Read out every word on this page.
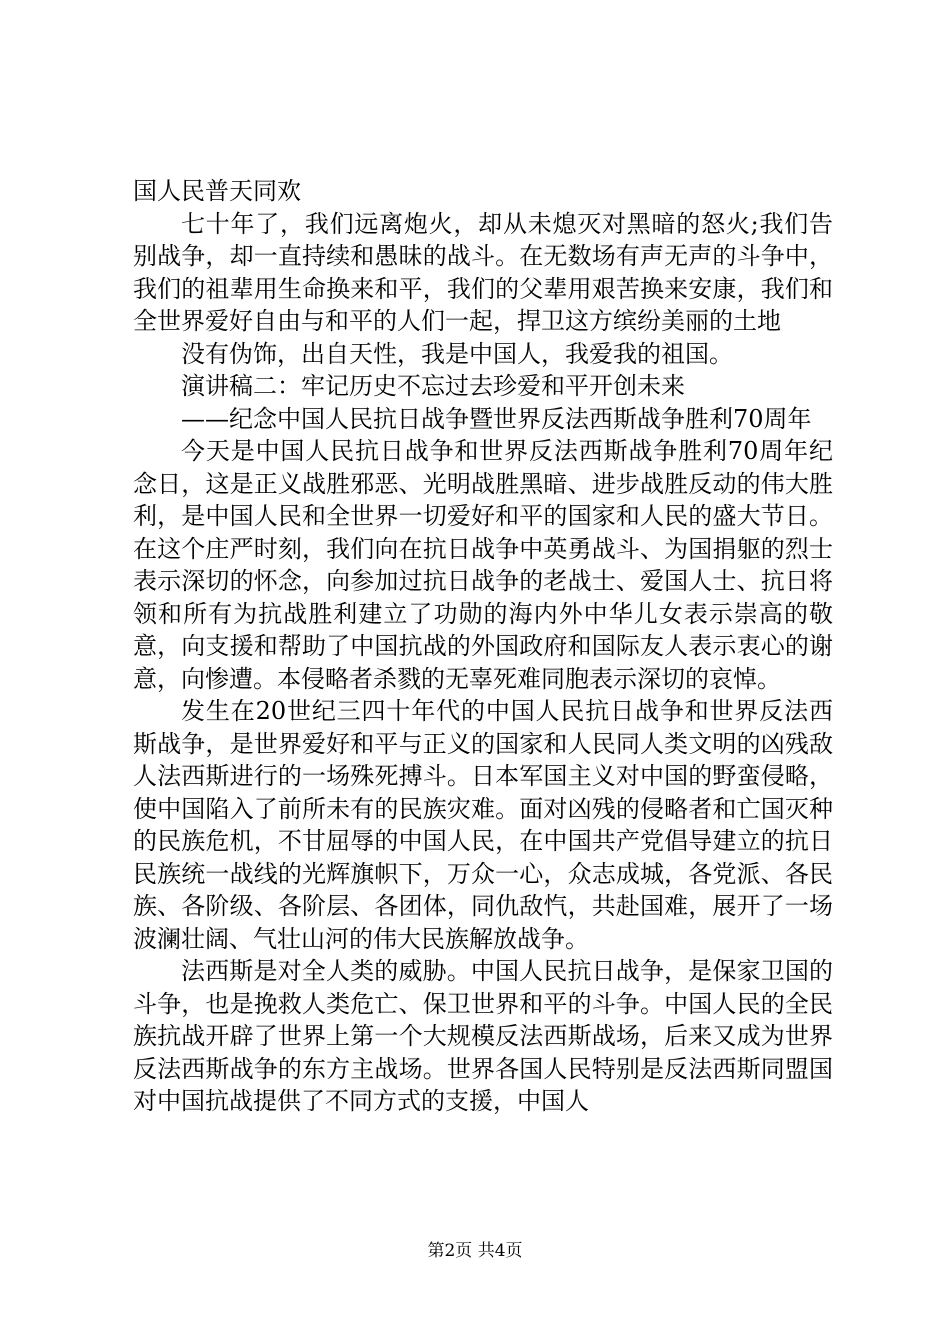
国人民普天同欢

七十年了，我们远离炮火，却从未熄灭对黑暗的怒火;我们告别战争，却一直持续和愚昧的战斗。在无数场有声无声的斗争中，我们的祖辈用生命换来和平，我们的父辈用艰苦换来安康，我们和全世界爱好自由与和平的人们一起，捍卫这方缤纷美丽的土地

没有伪饰，出自天性，我是中国人，我爱我的祖国。

演讲稿二：牢记历史不忘过去珍爱和平开创未来

——纪念中国人民抗日战争暨世界反法西斯战争胜利70周年

今天是中国人民抗日战争和世界反法西斯战争胜利70周年纪念日，这是正义战胜邪恶、光明战胜黑暗、进步战胜反动的伟大胜利，是中国人民和全世界一切爱好和平的国家和人民的盛大节日。在这个庄严时刻，我们向在抗日战争中英勇战斗、为国捐躯的烈士表示深切的怀念，向参加过抗日战争的老战士、爱国人士、抗日将领和所有为抗战胜利建立了功勋的海内外中华儿女表示崇高的敬意，向支援和帮助了中国抗战的外国政府和国际友人表示衷心的谢意，向惨遭。本侵略者杀戮的无辜死难同胞表示深切的哀悼。

发生在20世纪三四十年代的中国人民抗日战争和世界反法西斯战争，是世界爱好和平与正义的国家和人民同人类文明的凶残敌人法西斯进行的一场殊死搏斗。日本军国主义对中国的野蛮侵略，使中国陷入了前所未有的民族灾难。面对凶残的侵略者和亡国灭种的民族危机，不甘屈辱的中国人民，在中国共产党倡导建立的抗日民族统一战线的光辉旗帜下，万众一心，众志成城，各党派、各民族、各阶级、各阶层、各团体，同仇敌忾，共赴国难，展开了一场波澜壮阔、气壮山河的伟大民族解放战争。

法西斯是对全人类的威胁。中国人民抗日战争，是保家卫国的斗争，也是挽救人类危亡、保卫世界和平的斗争。中国人民的全民族抗战开辟了世界上第一个大规模反法西斯战场，后来又成为世界反法西斯战争的东方主战场。世界各国人民特别是反法西斯同盟国对中国抗战提供了不同方式的支援，中国人

第2页 共4页
